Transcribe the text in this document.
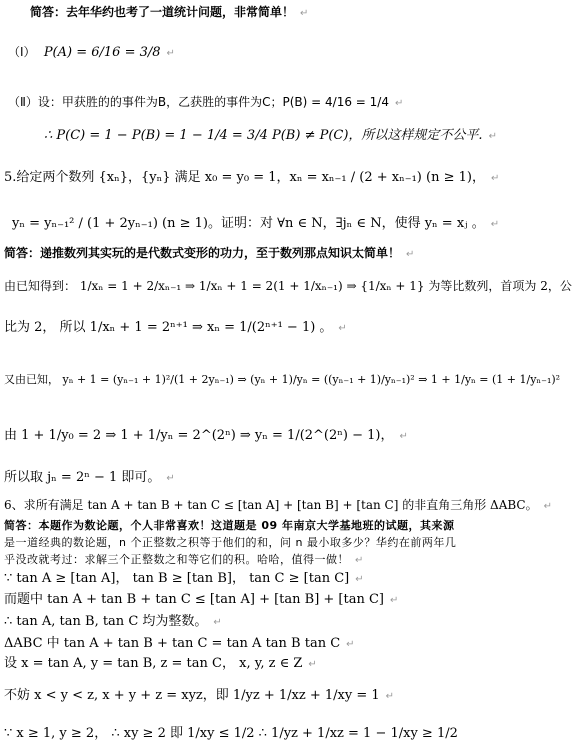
简答：去年华约也考了一道统计问题，非常简单！ ↵
（Ⅰ） P(A) = 6/16 = 3/8 ↵
（Ⅱ）设：甲获胜的的事件为B，乙获胜的事件为C；P(B) = 4/16 = 1/4 ↵
∴ P(C) = 1 − P(B) = 1 − 1/4 = 3/4 P(B) ≠ P(C)，所以这样规定不公平. ↵
5.给定两个数列 {xₙ}，{yₙ} 满足 x₀ = y₀ = 1，xₙ = xₙ₋₁ / (2 + xₙ₋₁) (n ≥ 1)， ↵
yₙ = yₙ₋₁² / (1 + 2yₙ₋₁) (n ≥ 1)。证明：对 ∀n ∈ N，∃jₙ ∈ N，使得 yₙ = xⱼ 。 ↵
简答：递推数列其实玩的是代数式变形的功力，至于数列那点知识太简单！ ↵
由已知得到： 1/xₙ = 1 + 2/xₙ₋₁ ⇒ 1/xₙ + 1 = 2(1 + 1/xₙ₋₁) ⇒ {1/xₙ + 1} 为等比数列，首项为 2，公
比为 2， 所以 1/xₙ + 1 = 2ⁿ⁺¹ ⇒ xₙ = 1/(2ⁿ⁺¹ − 1) 。 ↵
又由已知， yₙ + 1 = (yₙ₋₁ + 1)²/(1 + 2yₙ₋₁) ⇒ (yₙ + 1)/yₙ = ((yₙ₋₁ + 1)/yₙ₋₁)² ⇒ 1 + 1/yₙ = (1 + 1/yₙ₋₁)²
由 1 + 1/y₀ = 2 ⇒ 1 + 1/yₙ = 2^(2ⁿ) ⇒ yₙ = 1/(2^(2ⁿ) − 1)， ↵
所以取 jₙ = 2ⁿ − 1 即可。 ↵
6、求所有满足 tan A + tan B + tan C ≤ [tan A] + [tan B] + [tan C] 的非直角三角形 ΔABC。 ↵
简答：本题作为数论题，个人非常喜欢！这道题是 09 年南京大学基地班的试题，其来源
是一道经典的数论题，n 个正整数之积等于他们的和，问 n 最小取多少？华约在前两年几
乎没改就考过：求解三个正整数之和等它们的积。哈哈，值得一做！ ↵
∵ tan A ≥ [tan A]， tan B ≥ [tan B]， tan C ≥ [tan C] ↵
而题中 tan A + tan B + tan C ≤ [tan A] + [tan B] + [tan C] ↵
∴ tan A, tan B, tan C 均为整数。 ↵
ΔABC 中 tan A + tan B + tan C = tan A tan B tan C ↵
设 x = tan A, y = tan B, z = tan C， x, y, z ∈ Z ↵
不妨 x < y < z, x + y + z = xyz，即 1/yz + 1/xz + 1/xy = 1 ↵
∵ x ≥ 1, y ≥ 2， ∴ xy ≥ 2 即 1/xy ≤ 1/2 ∴ 1/yz + 1/xz = 1 − 1/xy ≥ 1/2
